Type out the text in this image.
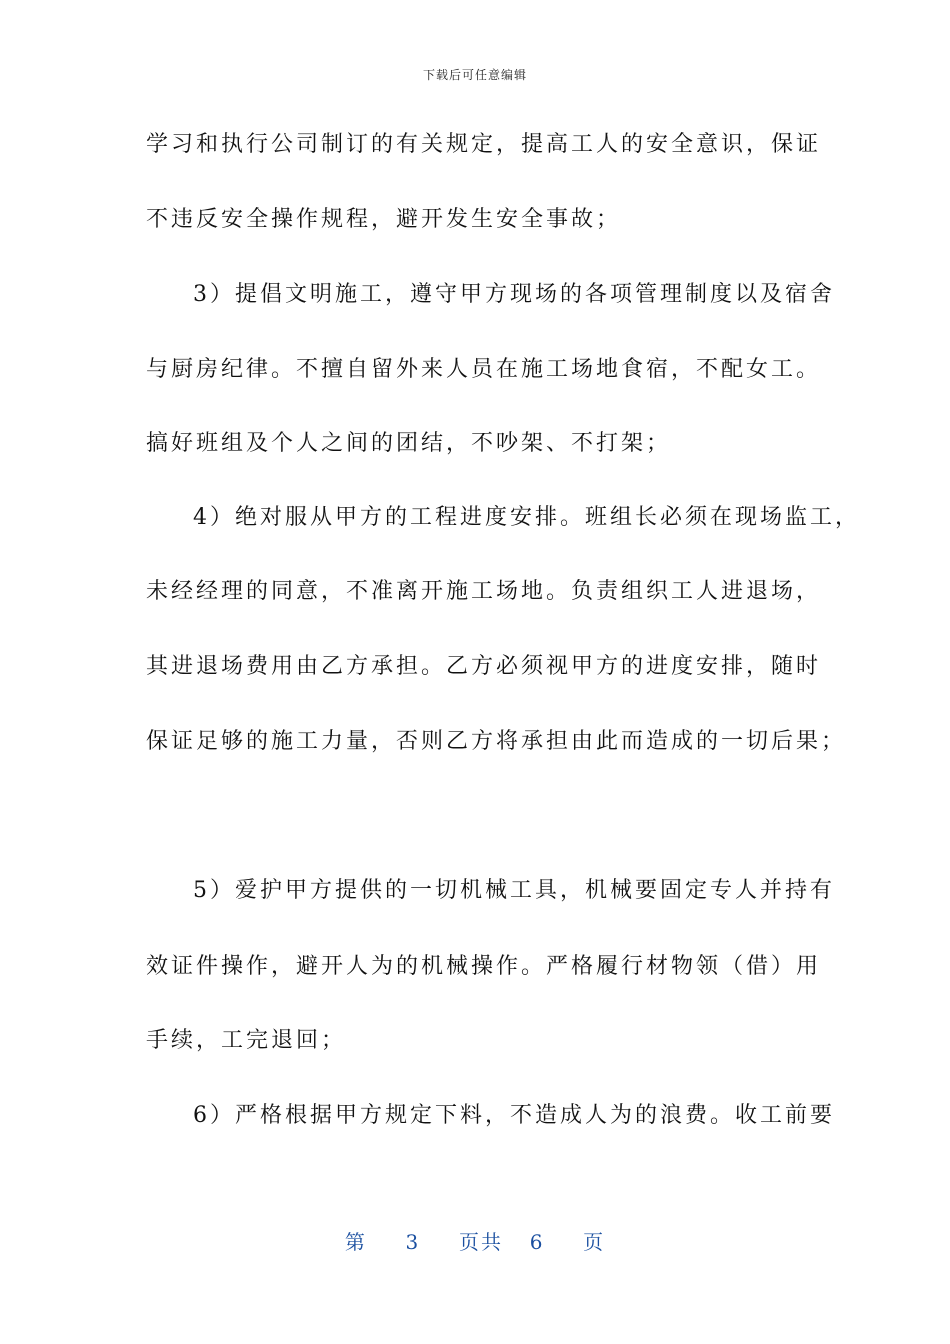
下载后可任意编辑
学习和执行公司制订的有关规定，提高工人的安全意识，保证
不违反安全操作规程，避开发生安全事故；
　3）提倡文明施工，遵守甲方现场的各项管理制度以及宿舍
与厨房纪律。不擅自留外来人员在施工场地食宿，不配女工。
搞好班组及个人之间的团结，不吵架、不打架；
　4）绝对服从甲方的工程进度安排。班组长必须在现场监工，
未经经理的同意，不准离开施工场地。负责组织工人进退场，
其进退场费用由乙方承担。乙方必须视甲方的进度安排，随时
保证足够的施工力量，否则乙方将承担由此而造成的一切后果；
　5）爱护甲方提供的一切机械工具，机械要固定专人并持有
效证件操作，避开人为的机械操作。严格履行材物领（借）用
手续，工完退回；
　6）严格根据甲方规定下料，不造成人为的浪费。收工前要
第 3 页共 6 页
